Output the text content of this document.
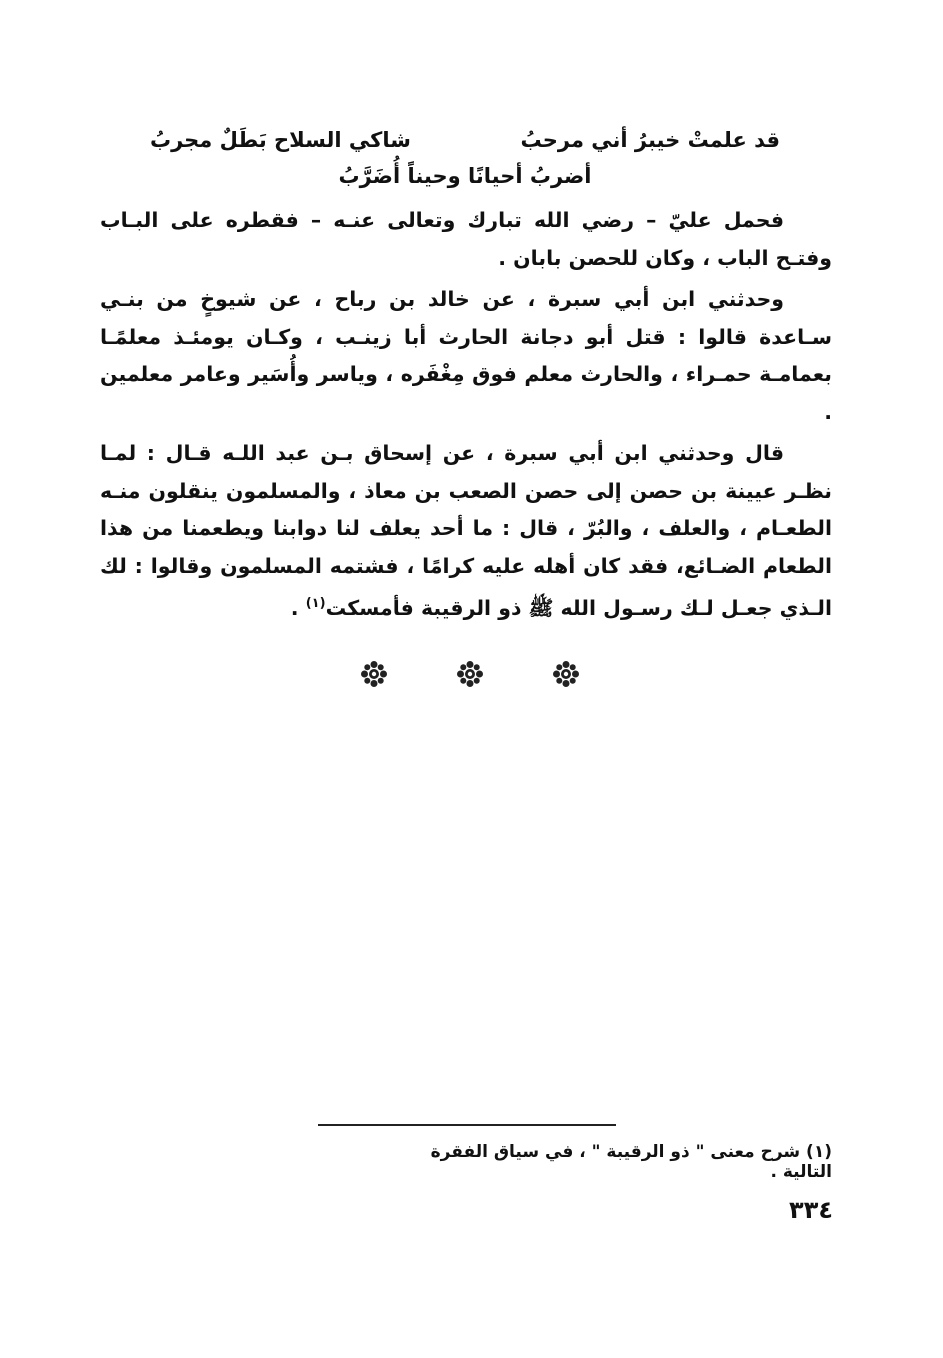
قد علمتْ خيبرُ أني مرحبُ
شاكي السلاح بَطَلٌ مجربُ
أضربُ أحيانًا وحيناً أُضَرَّبُ

فحمل عليّ – رضي الله تبارك وتعالى عنـه – فقطره على البـاب وفتـح الباب ، وكان للحصن بابان .

وحدثني ابن أبي سبرة ، عن خالد بن رباح ، عن شيوخٍ من بنـي سـاعدة قالوا : قتل أبو دجانة الحارث أبا زينـب ، وكـان يومئـذ معلمًـا بعمامـة حمـراء ، والحارث معلم فوق مِغْفَره ، وياسر وأُسَير وعامر معلمين .

قال وحدثني ابن أبي سبرة ، عن إسحاق بـن عبد اللـه قـال : لمـا نظـر عيينة بن حصن إلى حصن الصعب بن معاذ ، والمسلمون ينقلون منـه الطعـام ، والعلف ، والبُرّ ، قال : ما أحد يعلف لنا دوابنا ويطعمنا من هذا الطعام الضـائع، فقد كان أهله عليه كرامًا ، فشتمه المسلمون وقالوا : لك الـذي جعـل لـك رسـول الله ﷺ ذو الرقيبة فأمسكت$^{(١)}$ .

(١) شرح معنى " ذو الرقيبة " ، في سياق الفقرة التالية .
٣٣٤
